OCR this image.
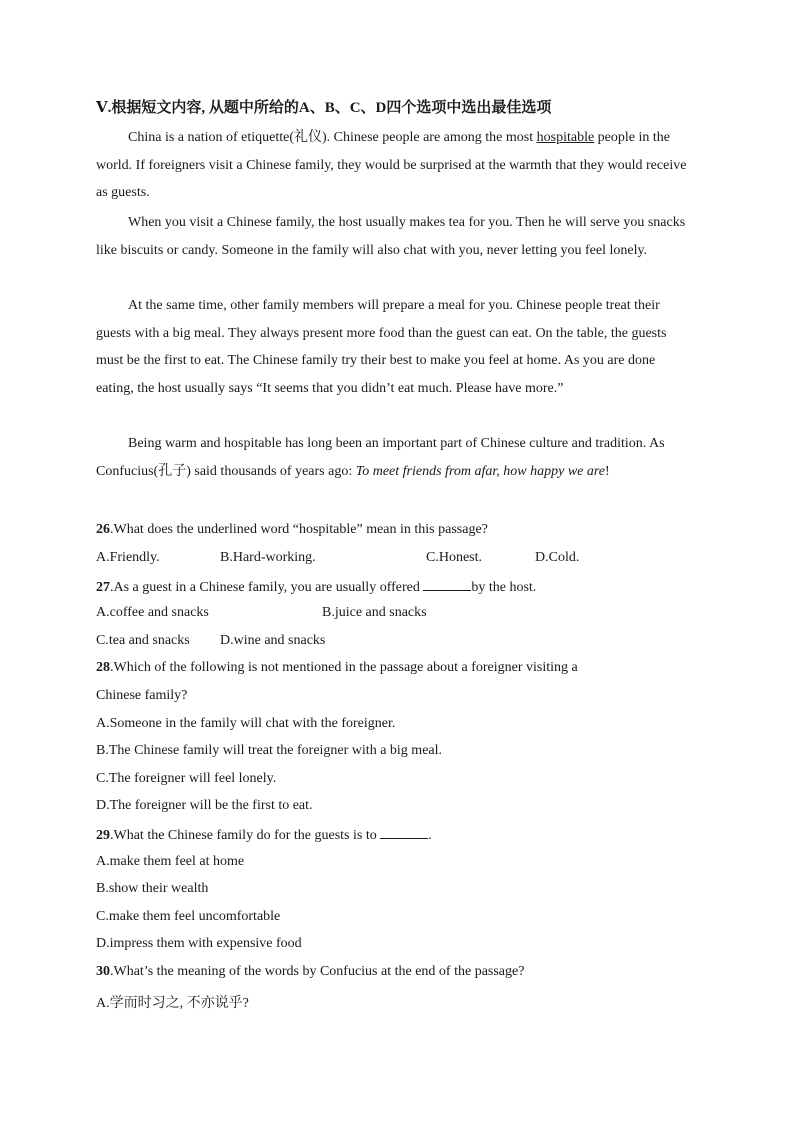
Ⅴ.根据短文内容, 从题中所给的A、B、C、D四个选项中选出最佳选项

China is a nation of etiquette(礼仪). Chinese people are among the most hospitable people in the world. If foreigners visit a Chinese family, they would be surprised at the warmth that they would receive as guests.

When you visit a Chinese family, the host usually makes tea for you. Then he will serve you snacks like biscuits or candy. Someone in the family will also chat with you, never letting you feel lonely.

At the same time, other family members will prepare a meal for you. Chinese people treat their guests with a big meal. They always present more food than the guest can eat. On the table, the guests must be the first to eat. The Chinese family try their best to make you feel at home. As you are done eating, the host usually says “It seems that you didn’t eat much. Please have more.”

Being warm and hospitable has long been an important part of Chinese culture and tradition. As Confucius(孔子) said thousands of years ago: To meet friends from afar, how happy we are!

26.What does the underlined word “hospitable” mean in this passage?
A.Friendly.	B.Hard-working.	C.Honest.	D.Cold.
27.As a guest in a Chinese family, you are usually offered	by the host.
A.coffee and snacks	B.juice and snacks
C.tea and snacks D.wine and snacks
28.Which of the following is not mentioned in the passage about a foreigner visiting a
Chinese family?
A.Someone in the family will chat with the foreigner.
B.The Chinese family will treat the foreigner with a big meal.
C.The foreigner will feel lonely.
D.The foreigner will be the first to eat.
29.What the Chinese family do for the guests is to	.
A.make them feel at home
B.show their wealth
C.make them feel uncomfortable
D.impress them with expensive food
30.What’s the meaning of the words by Confucius at the end of the passage?
A.学而时习之, 不亦说乎?
